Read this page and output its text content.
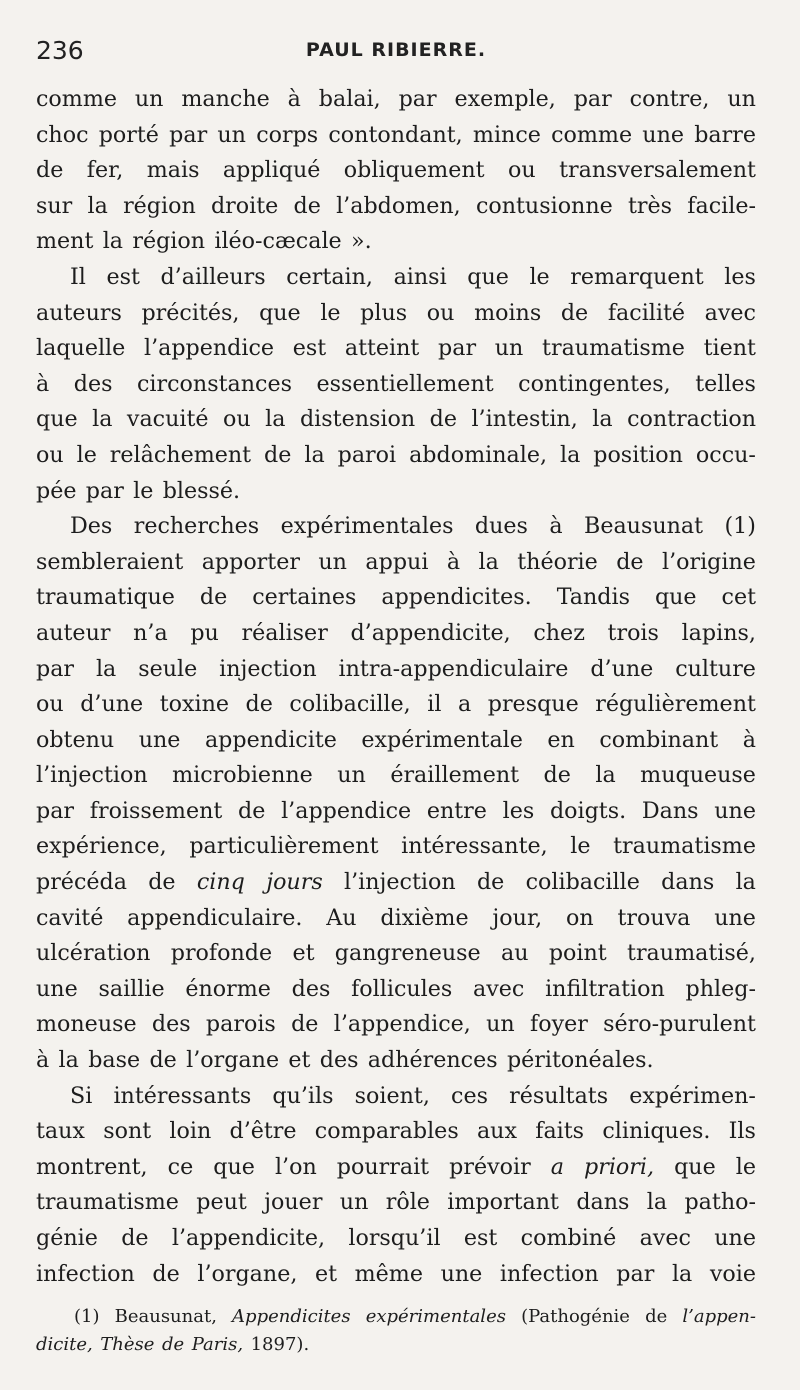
236	PAUL RIBIERRE.
comme un manche à balai, par exemple, par contre, un
choc porté par un corps contondant, mince comme une barre
de fer, mais appliqué obliquement ou transversalement
sur la région droite de l’abdomen, contusionne très facile-
ment la région iléo-cæcale ».
Il est d’ailleurs certain, ainsi que le remarquent les
auteurs précités, que le plus ou moins de facilité avec
laquelle l’appendice est atteint par un traumatisme tient
à des circonstances essentiellement contingentes, telles
que la vacuité ou la distension de l’intestin, la contraction
ou le relâchement de la paroi abdominale, la position occu-
pée par le blessé.
Des recherches expérimentales dues à Beausunat (1)
sembleraient apporter un appui à la théorie de l’origine
traumatique de certaines appendicites. Tandis que cet
auteur n’a pu réaliser d’appendicite, chez trois lapins,
par la seule injection intra-appendiculaire d’une culture
ou d’une toxine de colibacille, il a presque régulièrement
obtenu une appendicite expérimentale en combinant à
l’injection microbienne un éraillement de la muqueuse
par froissement de l’appendice entre les doigts. Dans une
expérience, particulièrement intéressante, le traumatisme
précéda de cinq jours l’injection de colibacille dans la
cavité appendiculaire. Au dixième jour, on trouva une
ulcération profonde et gangreneuse au point traumatisé,
une saillie énorme des follicules avec infiltration phleg-
moneuse des parois de l’appendice, un foyer séro-purulent
à la base de l’organe et des adhérences péritonéales.
Si intéressants qu’ils soient, ces résultats expérimen-
taux sont loin d’être comparables aux faits cliniques. Ils
montrent, ce que l’on pourrait prévoir a priori, que le
traumatisme peut jouer un rôle important dans la patho-
génie de l’appendicite, lorsqu’il est combiné avec une
infection de l’organe, et même une infection par la voie
(1) Beausunat, Appendicites expérimentales (Pathogénie de l’appen-
dicite, Thèse de Paris, 1897).
